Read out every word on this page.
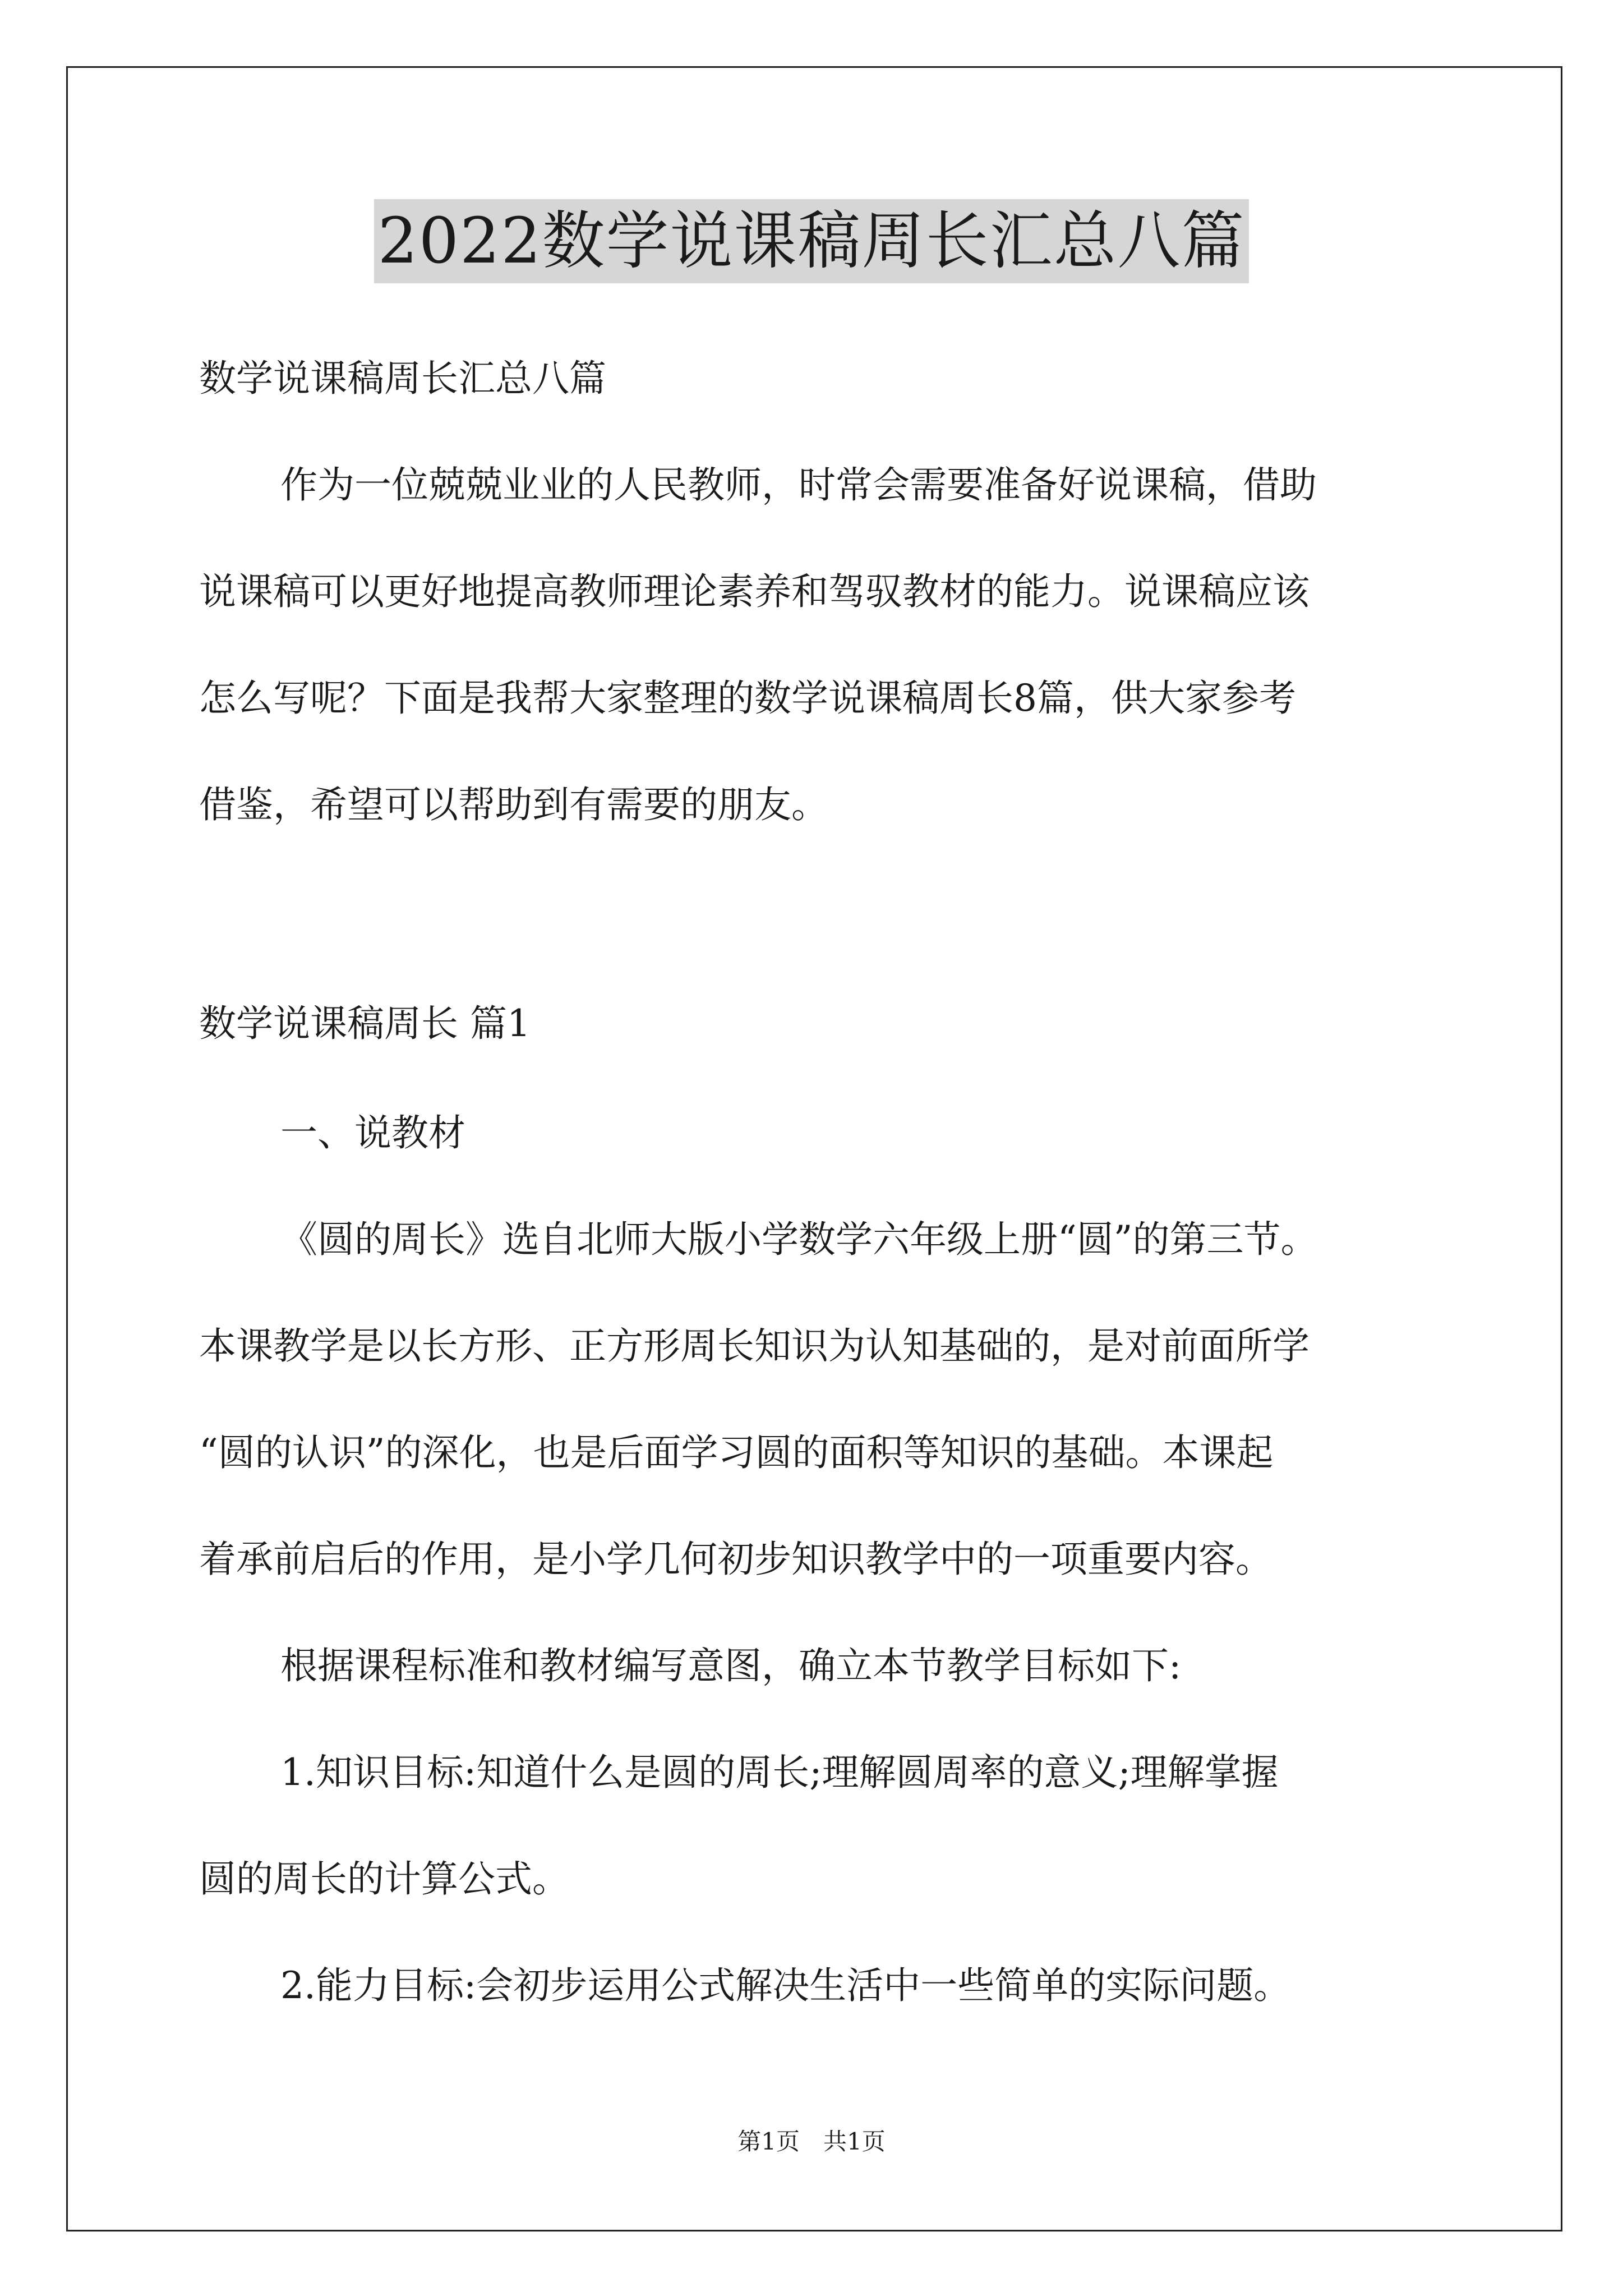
2022数学说课稿周长汇总八篇
数学说课稿周长汇总八篇
作为一位兢兢业业的人民教师，时常会需要准备好说课稿，借助
说课稿可以更好地提高教师理论素养和驾驭教材的能力。说课稿应该
怎么写呢？下面是我帮大家整理的数学说课稿周长8篇，供大家参考
借鉴，希望可以帮助到有需要的朋友。
数学说课稿周长 篇1
一、说教材
《圆的周长》选自北师大版小学数学六年级上册“圆”的第三节。
本课教学是以长方形、正方形周长知识为认知基础的，是对前面所学
“圆的认识”的深化，也是后面学习圆的面积等知识的基础。本课起
着承前启后的作用，是小学几何初步知识教学中的一项重要内容。
根据课程标准和教材编写意图，确立本节教学目标如下:
1.知识目标:知道什么是圆的周长;理解圆周率的意义;理解掌握
圆的周长的计算公式。
2.能力目标:会初步运用公式解决生活中一些简单的实际问题。
第1页　共1页
